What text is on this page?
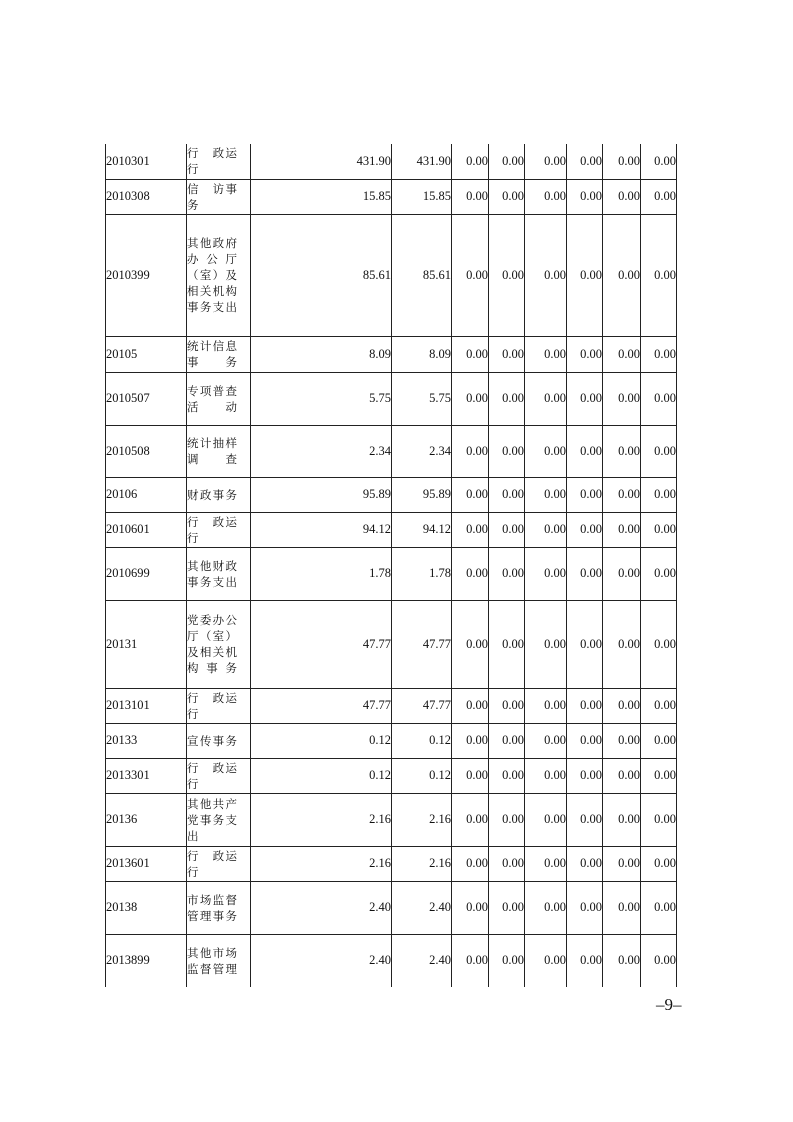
2010301	行　政运行	431.90	431.90	0.00	0.00	0.00	0.00	0.00	0.00
2010308	信　访事务	15.85	15.85	0.00	0.00	0.00	0.00	0.00	0.00
2010399	其他政府办公厅（室）及相关机构事务支出	85.61	85.61	0.00	0.00	0.00	0.00	0.00	0.00
20105	统计信息事务	8.09	8.09	0.00	0.00	0.00	0.00	0.00	0.00
2010507	专项普查活动	5.75	5.75	0.00	0.00	0.00	0.00	0.00	0.00
2010508	统计抽样调查	2.34	2.34	0.00	0.00	0.00	0.00	0.00	0.00
20106	财政事务	95.89	95.89	0.00	0.00	0.00	0.00	0.00	0.00
2010601	行　政运行	94.12	94.12	0.00	0.00	0.00	0.00	0.00	0.00
2010699	其他财政事务支出	1.78	1.78	0.00	0.00	0.00	0.00	0.00	0.00
20131	党委办公厅（室）及相关机构事务	47.77	47.77	0.00	0.00	0.00	0.00	0.00	0.00
2013101	行　政运行	47.77	47.77	0.00	0.00	0.00	0.00	0.00	0.00
20133	宣传事务	0.12	0.12	0.00	0.00	0.00	0.00	0.00	0.00
2013301	行　政运行	0.12	0.12	0.00	0.00	0.00	0.00	0.00	0.00
20136	其他共产党事务支出	2.16	2.16	0.00	0.00	0.00	0.00	0.00	0.00
2013601	行　政运行	2.16	2.16	0.00	0.00	0.00	0.00	0.00	0.00
20138	市场监督管理事务	2.40	2.40	0.00	0.00	0.00	0.00	0.00	0.00
2013899	其他市场监督管理	2.40	2.40	0.00	0.00	0.00	0.00	0.00	0.00
–9–
